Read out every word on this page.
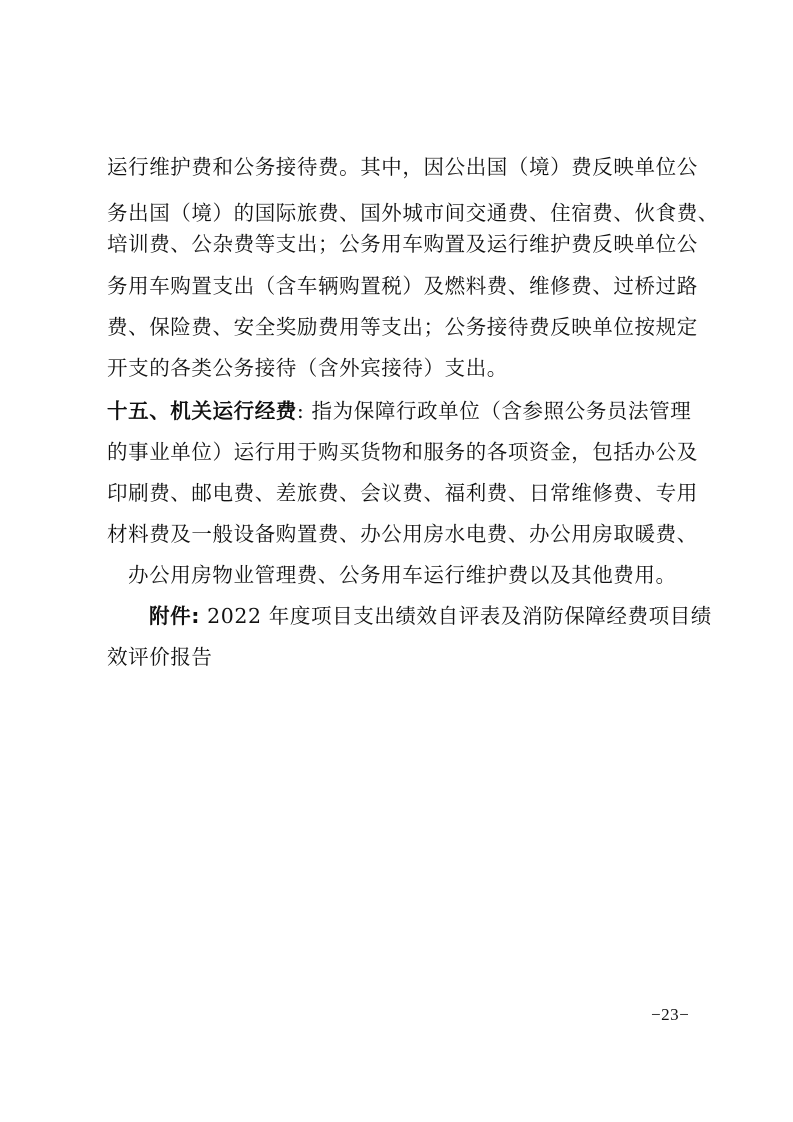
运行维护费和公务接待费。其中，因公出国（境）费反映单位公
务出国（境）的国际旅费、国外城市间交通费、住宿费、伙食费、
培训费、公杂费等支出；公务用车购置及运行维护费反映单位公
务用车购置支出（含车辆购置税）及燃料费、维修费、过桥过路
费、保险费、安全奖励费用等支出；公务接待费反映单位按规定
开支的各类公务接待（含外宾接待）支出。
十五、机关运行经费: 指为保障行政单位（含参照公务员法管理
的事业单位）运行用于购买货物和服务的各项资金，包括办公及
印刷费、邮电费、差旅费、会议费、福利费、日常维修费、专用
材料费及一般设备购置费、办公用房水电费、办公用房取暖费、
办公用房物业管理费、公务用车运行维护费以及其他费用。
附件: 2022 年度项目支出绩效自评表及消防保障经费项目绩
效评价报告
−23−
